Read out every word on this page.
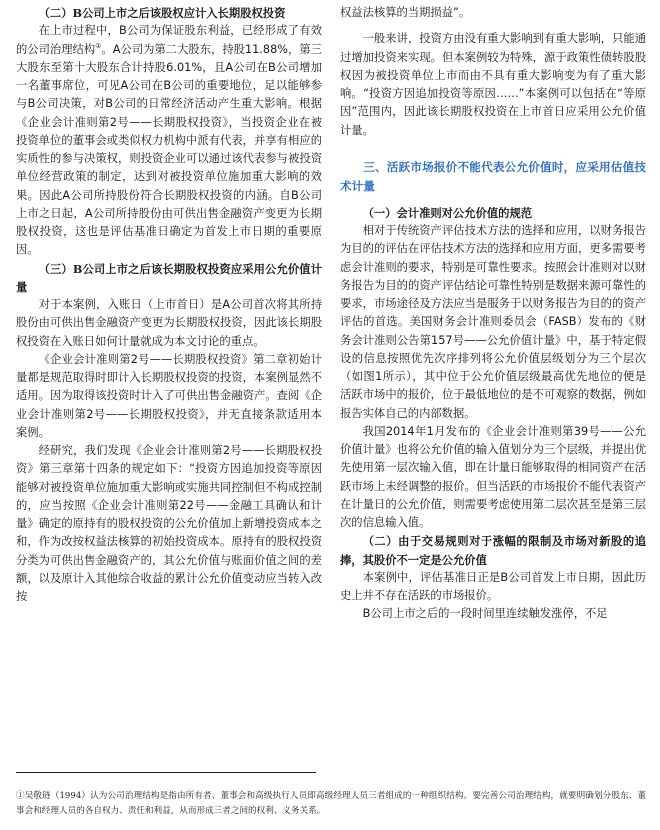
（二）B公司上市之后该股权应计入长期股权投资

在上市过程中，B公司为保证股东利益，已经形成了有效的公司治理结构①。A公司为第二大股东，持股11.88%，第三大股东至第十大股东合计持股6.01%，且A公司在B公司增加一名董事席位，可见A公司在B公司的重要地位，足以能够参与B公司决策，对B公司的日常经济活动产生重大影响。根据《企业会计准则第2号——长期股权投资》，当投资企业在被投资单位的董事会或类似权力机构中派有代表，并享有相应的实质性的参与决策权，则投资企业可以通过该代表参与被投资单位经营政策的制定，达到对被投资单位施加重大影响的效果。因此A公司所持股份符合长期股权投资的内涵。自B公司上市之日起，A公司所持股份由可供出售金融资产变更为长期股权投资，这也是评估基准日确定为首发上市日期的重要原因。

（三）B公司上市之后该长期股权投资应采用公允价值计量

对于本案例，入账日（上市首日）是A公司首次将其所持股份由可供出售金融资产变更为长期股权投资，因此该长期股权投资在入账日如何计量就成为本文讨论的重点。

《企业会计准则第2号——长期股权投资》第二章初始计量都是规范取得时即计入长期股权投资的投资，本案例显然不适用。因为取得该投资时计入了可供出售金融资产。查阅《企业会计准则第2号——长期股权投资》，并无直接条款适用本案例。

经研究，我们发现《企业会计准则第2号——长期股权投资》第三章第十四条的规定如下：“投资方因追加投资等原因能够对被投资单位施加重大影响或实施共同控制但不构成控制的，应当按照《企业会计准则第22号——金融工具确认和计量》确定的原持有的股权投资的公允价值加上新增投资成本之和，作为改按权益法核算的初始投资成本。原持有的股权投资分类为可供出售金融资产的，其公允价值与账面价值之间的差额，以及原计入其他综合收益的累计公允价值变动应当转入改按

权益法核算的当期损益”。

一般来讲，投资方由没有重大影响到有重大影响，只能通过增加投资来实现。但本案例较为特殊，源于政策性债转股股权因为被投资单位上市而由不具有重大影响变为有了重大影响。“投资方因追加投资等原因……”本案例可以包括在“等原因”范围内，因此该长期股权投资在上市首日应采用公允价值计量。

三、活跃市场报价不能代表公允价值时，应采用估值技术计量

（一）会计准则对公允价值的规范

相对于传统资产评估技术方法的选择和应用，以财务报告为目的的评估在评估技术方法的选择和应用方面，更多需要考虑会计准则的要求，特别是可靠性要求。按照会计准则对以财务报告为目的的资产评估结论可靠性特别是数据来源可靠性的要求，市场途径及方法应当是服务于以财务报告为目的的资产评估的首选。美国财务会计准则委员会（FASB）发布的《财务会计准则公告第157号——公允价值计量》中，基于特定假设的信息按照优先次序排列将公允价值层级划分为三个层次（如图1所示），其中位于公允价值层级最高优先地位的便是活跃市场中的报价，位于最低地位的是不可观察的数据，例如报告实体自己的内部数据。

我国2014年1月发布的《企业会计准则第39号——公允价值计量》也将公允价值的输入值划分为三个层级，并提出优先使用第一层次输入值，即在计量日能够取得的相同资产在活跃市场上未经调整的报价。但当活跃的市场报价不能代表资产在计量日的公允价值，则需要考虑使用第二层次甚至是第三层次的信息输入值。

（二）由于交易规则对于涨幅的限制及市场对新股的追捧，其股价不一定是公允价值

本案例中，评估基准日正是B公司首发上市日期，因此历史上并不存在活跃的市场报价。

B公司上市之后的一段时间里连续触发涨停，不足

①吴敬琏（1994）认为公司治理结构是指由所有者、董事会和高级执行人员即高级经理人员三者组成的一种组织结构。要完善公司治理结构，就要明确划分股东、董事会和经理人员的各自权力、责任和利益，从而形成三者之间的权利、义务关系。
